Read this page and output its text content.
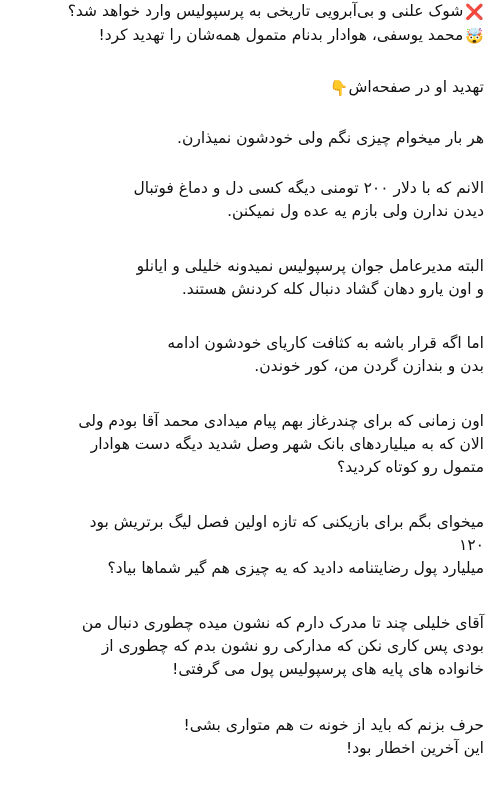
❌شوک علنی و بی‌آبرویی تاریخی به پرسپولیس وارد خواهد شد؟
🤯محمد یوسفی، هوادار بدنام متمول همه‌شان را تهدید کرد!
تهدید او در صفحه‌اش👇
هر بار میخوام چیزی نگم ولی خودشون نمیذارن.
الانم که با دلار ۲۰۰ تومنی دیگه کسی دل و دماغ فوتبال
دیدن ندارن ولی بازم یه عده ول نمیکنن.
البته مدیرعامل جوان پرسپولیس نمیدونه خلیلی و ایانلو
و اون یارو دهان گشاد دنبال کله کردنش هستند.
اما اگه قرار باشه به کثافت کاریای خودشون ادامه
بدن و بندازن گردن من، کور خوندن.
اون زمانی که برای چندرغاز بهم پیام میدادی محمد آقا بودم ولی
الان که به میلیاردهای بانک شهر وصل شدید دیگه دست هوادار
متمول رو کوتاه کردید؟
میخوای بگم برای بازیکنی که تازه اولین فصل لیگ برتریش بود
۱۲۰
میلیارد پول رضایتنامه دادید که یه چیزی هم گیر شماها بیاد؟
آقای خلیلی چند تا مدرک دارم که نشون میده چطوری دنبال من
بودی پس کاری نکن که مدارکی رو نشون بدم که چطوری از
خانواده های پایه های پرسپولیس پول می گرفتی!
حرف بزنم که باید از خونه ت هم متواری بشی!
این آخرین اخطار بود!
